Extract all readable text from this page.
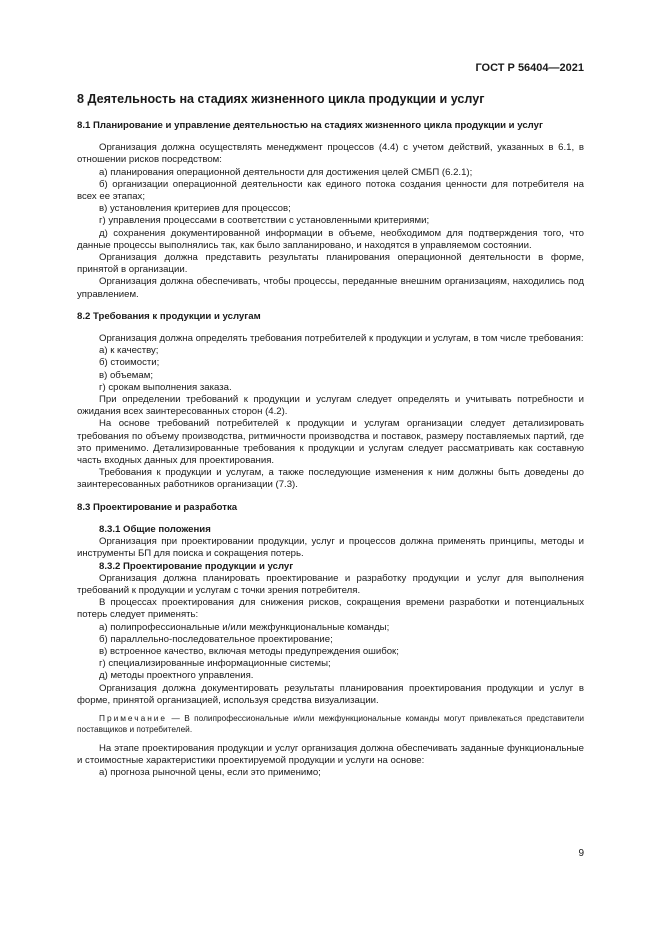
ГОСТ Р 56404—2021
8 Деятельность на стадиях жизненного цикла продукции и услуг
8.1 Планирование и управление деятельностью на стадиях жизненного цикла продукции и услуг

Организация должна осуществлять менеджмент процессов (4.4) с учетом действий, указанных в 6.1, в отношении рисков посредством:

а) планирования операционной деятельности для достижения целей СМБП (6.2.1);

б) организации операционной деятельности как единого потока создания ценности для потребителя на всех ее этапах;

в) установления критериев для процессов;

г) управления процессами в соответствии с установленными критериями;

д) сохранения документированной информации в объеме, необходимом для подтверждения того, что данные процессы выполнялись так, как было запланировано, и находятся в управляемом состоянии.

Организация должна представить результаты планирования операционной деятельности в форме, принятой в организации.

Организация должна обеспечивать, чтобы процессы, переданные внешним организациям, находились под управлением.

8.2 Требования к продукции и услугам

Организация должна определять требования потребителей к продукции и услугам, в том числе требования:

а) к качеству;

б) стоимости;

в) объемам;

г) срокам выполнения заказа.

При определении требований к продукции и услугам следует определять и учитывать потребности и ожидания всех заинтересованных сторон (4.2).

На основе требований потребителей к продукции и услугам организации следует детализировать требования по объему производства, ритмичности производства и поставок, размеру поставляемых партий, где это применимо. Детализированные требования к продукции и услугам следует рассматривать как составную часть входных данных для проектирования.

Требования к продукции и услугам, а также последующие изменения к ним должны быть доведены до заинтересованных работников организации (7.3).

8.3 Проектирование и разработка
8.3.1 Общие положения

Организация при проектировании продукции, услуг и процессов должна применять принципы, методы и инструменты БП для поиска и сокращения потерь.

8.3.2 Проектирование продукции и услуг

Организация должна планировать проектирование и разработку продукции и услуг для выполнения требований к продукции и услугам с точки зрения потребителя.

В процессах проектирования для снижения рисков, сокращения времени разработки и потенциальных потерь следует применять:

а) полипрофессиональные и/или межфункциональные команды;

б) параллельно-последовательное проектирование;

в) встроенное качество, включая методы предупреждения ошибок;

г) специализированные информационные системы;

д) методы проектного управления.

Организация должна документировать результаты планирования проектирования продукции и услуг в форме, принятой организацией, используя средства визуализации.

Примечание — В полипрофессиональные и/или межфункциональные команды могут привлекаться представители поставщиков и потребителей.

На этапе проектирования продукции и услуг организация должна обеспечивать заданные функциональные и стоимостные характеристики проектируемой продукции и услуги на основе:

а) прогноза рыночной цены, если это применимо;

9
